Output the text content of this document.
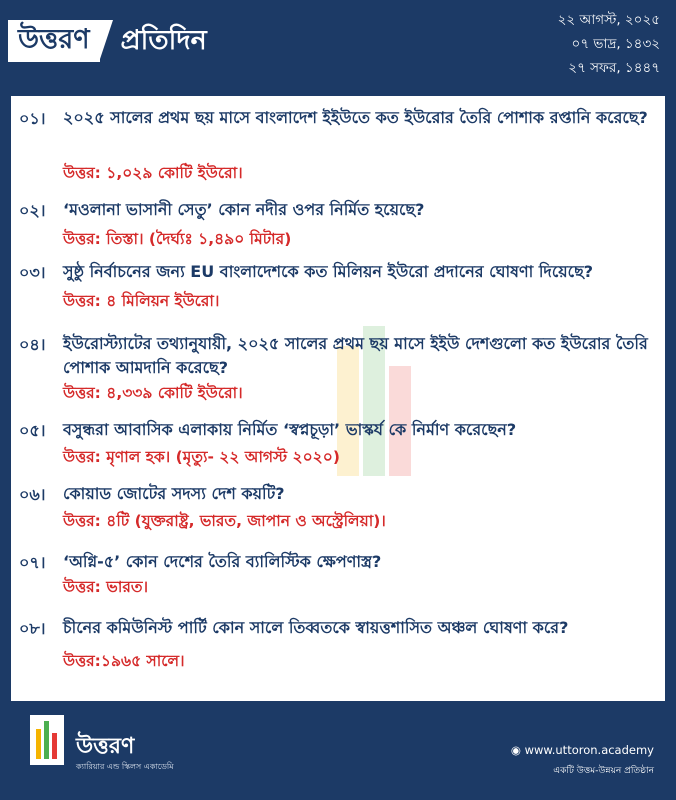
উত্তরণ	প্রতিদিন
২২ আগস্ট, ২০২৫
০৭ ভাদ্র, ১৪৩২
২৭ সফর, ১৪৪৭
০১। ২০২৫ সালের প্রথম ছয় মাসে বাংলাদেশ ইইউতে কত ইউরোর তৈরি পোশাক রপ্তানি করেছে?
উত্তর: ১,০২৯ কোটি ইউরো।
০২। ‘মওলানা ভাসানী সেতু’ কোন নদীর ওপর নির্মিত হয়েছে?
উত্তর: তিস্তা। (দৈর্ঘ্যঃ ১,৪৯০ মিটার)
০৩। সুষ্ঠু নির্বাচনের জন্য EU বাংলাদেশকে কত মিলিয়ন ইউরো প্রদানের ঘোষণা দিয়েছে?
উত্তর: ৪ মিলিয়ন ইউরো।
০৪। ইউরোস্ট্যাটের তথ্যানুযায়ী, ২০২৫ সালের প্রথম ছয় মাসে ইইউ দেশগুলো কত ইউরোর তৈরি পোশাক আমদানি করেছে?
উত্তর: ৪,৩৩৯ কোটি ইউরো।
০৫। বসুন্ধরা আবাসিক এলাকায় নির্মিত ‘স্বপ্নচূড়া’ ভাস্কর্য কে নির্মাণ করেছেন?
উত্তর: মৃণাল হক। (মৃত্যু- ২২ আগস্ট ২০২০)
০৬। কোয়াড জোটের সদস্য দেশ কয়টি?
উত্তর: ৪টি (যুক্তরাষ্ট্র, ভারত, জাপান ও অস্ট্রেলিয়া)।
০৭। ‘অগ্নি-৫’ কোন দেশের তৈরি ব্যালিস্টিক ক্ষেপণাস্ত্র?
উত্তর: ভারত।
০৮। চীনের কমিউনিস্ট পার্টি কোন সালে তিব্বতকে স্বায়ত্তশাসিত অঞ্চল ঘোষণা করে?
উত্তর:১৯৬৫ সালে।
উত্তরণ
ক্যারিয়ার এন্ড স্কিলস একাডেমি
◉ www.uttoron.academy
একটি উত্তম-উন্নয়ন প্রতিষ্ঠান
